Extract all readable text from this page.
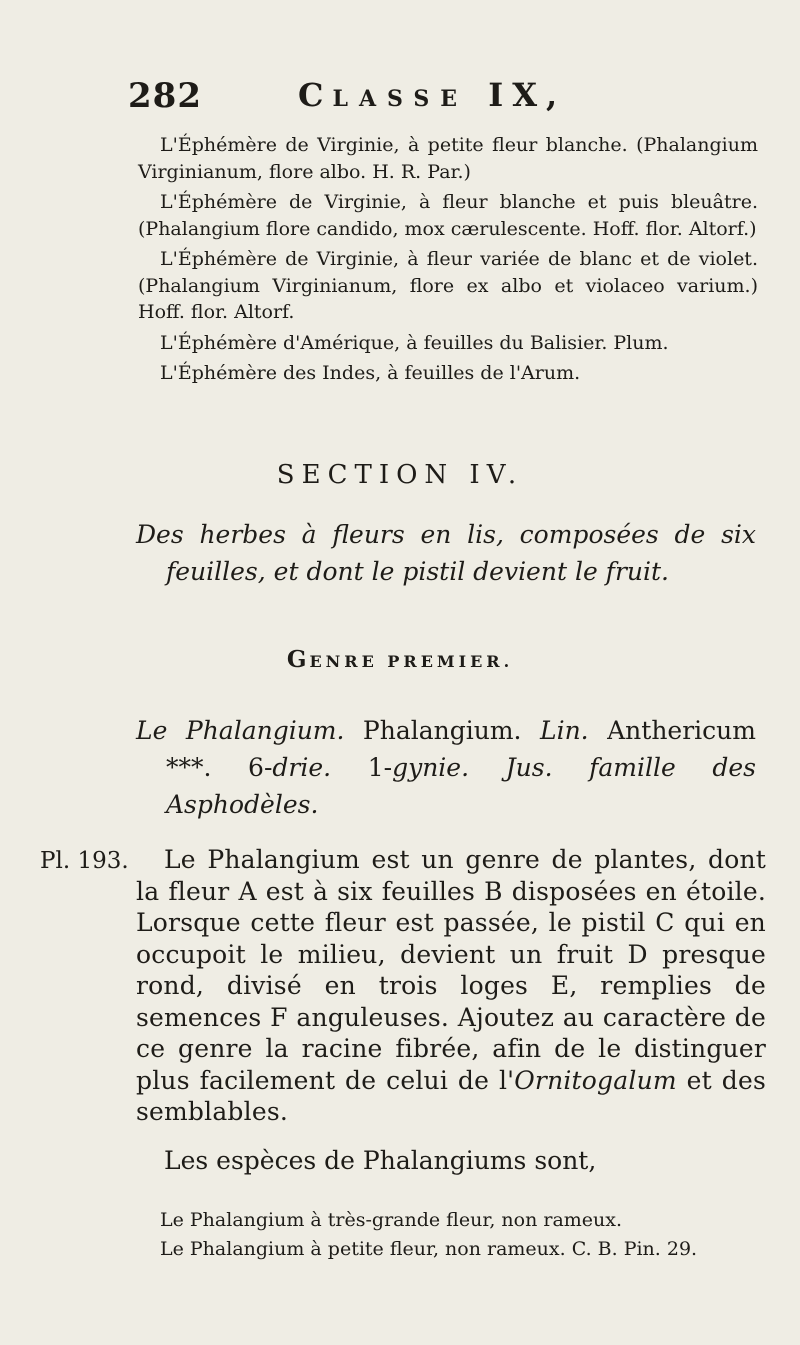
282	CLASSE IX,

L'Éphémère de Virginie, à petite fleur blanche. (Phalangium Virginianum, flore albo. H. R. Par.)

L'Éphémère de Virginie, à fleur blanche et puis bleuâtre. (Phalangium flore candido, mox cærulescente. Hoff. flor. Altorf.)

L'Éphémère de Virginie, à fleur variée de blanc et de violet. (Phalangium Virginianum, flore ex albo et violaceo varium.) Hoff. flor. Altorf.

L'Éphémère d'Amérique, à feuilles du Balisier. Plum.

L'Éphémère des Indes, à feuilles de l'Arum.

SECTION IV.

Des herbes à fleurs en lis, composées de six feuilles, et dont le pistil devient le fruit.

GENRE PREMIER.

Le Phalangium. Phalangium. Lin. Anthericum ***. 6-drie. 1-gynie. Jus. famille des Asphodèles.

Pl. 193.	Le Phalangium est un genre de plantes, dont la fleur A est à six feuilles B disposées en étoile. Lorsque cette fleur est passée, le pistil C qui en occupoit le milieu, devient un fruit D presque rond, divisé en trois loges E, remplies de semences F anguleuses. Ajoutez au caractère de ce genre la racine fibrée, afin de le distinguer plus facilement de celui de l'Ornitogalum et des semblables.

Les espèces de Phalangiums sont,

Le Phalangium à très-grande fleur, non rameux.

Le Phalangium à petite fleur, non rameux. C. B. Pin. 29.
